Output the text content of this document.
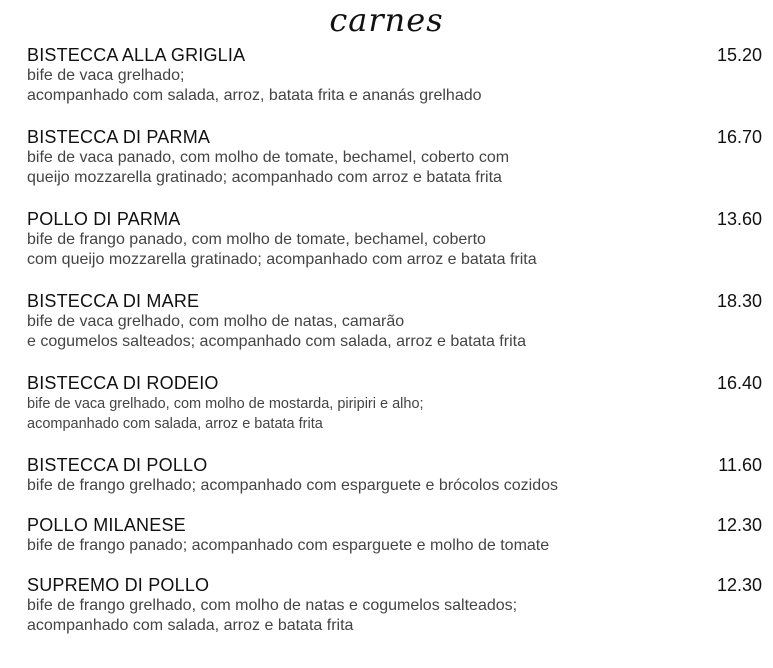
carnes
BISTECCA ALLA GRIGLIA	15.20
bife de vaca grelhado;
acompanhado com salada, arroz, batata frita e ananás grelhado
BISTECCA DI PARMA	16.70
bife de vaca panado, com molho de tomate, bechamel, coberto com
queijo mozzarella gratinado; acompanhado com arroz e batata frita
POLLO DI PARMA	13.60
bife de frango panado, com molho de tomate, bechamel, coberto
com queijo mozzarella gratinado; acompanhado com arroz e batata frita
BISTECCA DI MARE	18.30
bife de vaca grelhado, com molho de natas, camarão
e cogumelos salteados; acompanhado com salada, arroz e batata frita
BISTECCA DI RODEIO	16.40
bife de vaca grelhado, com molho de mostarda, piripiri e alho;
acompanhado com salada, arroz e batata frita
BISTECCA DI POLLO	11.60
bife de frango grelhado; acompanhado com esparguete e brócolos cozidos
POLLO MILANESE	12.30
bife de frango panado; acompanhado com esparguete e molho de tomate
SUPREMO DI POLLO	12.30
bife de frango grelhado, com molho de natas e cogumelos salteados;
acompanhado com salada, arroz e batata frita
